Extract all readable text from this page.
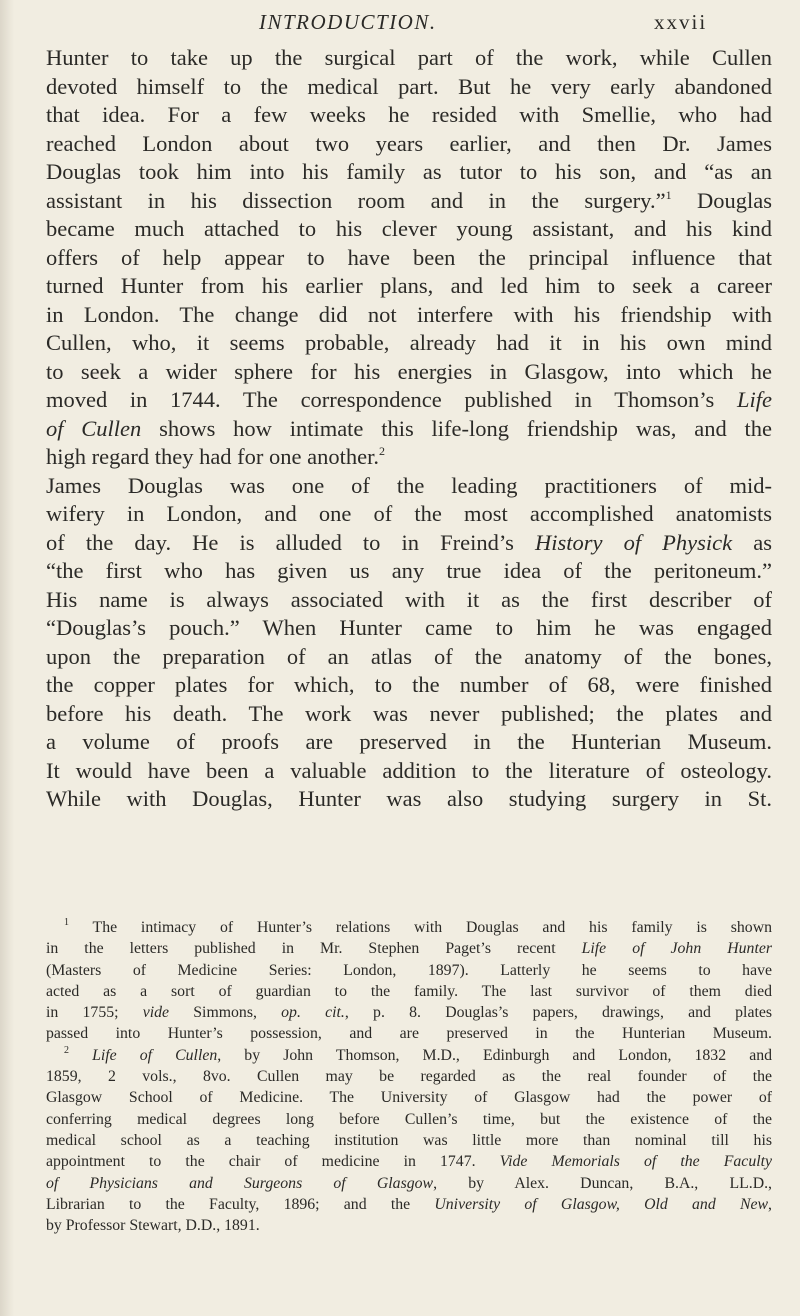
INTRODUCTION.	xxvii
Hunter to take up the surgical part of the work, while Cullen
devoted himself to the medical part. But he very early abandoned
that idea. For a few weeks he resided with Smellie, who had
reached London about two years earlier, and then Dr. James
Douglas took him into his family as tutor to his son, and “as an
assistant in his dissection room and in the surgery.”$^1$ Douglas
became much attached to his clever young assistant, and his kind
offers of help appear to have been the principal influence that
turned Hunter from his earlier plans, and led him to seek a career
in London. The change did not interfere with his friendship with
Cullen, who, it seems probable, already had it in his own mind
to seek a wider sphere for his energies in Glasgow, into which he
moved in 1744. The correspondence published in Thomson’s Life
of Cullen shows how intimate this life-long friendship was, and the
high regard they had for one another.$^2$
James Douglas was one of the leading practitioners of mid-
wifery in London, and one of the most accomplished anatomists
of the day. He is alluded to in Freind’s History of Physick as
“the first who has given us any true idea of the peritoneum.”
His name is always associated with it as the first describer of
“Douglas’s pouch.” When Hunter came to him he was engaged
upon the preparation of an atlas of the anatomy of the bones,
the copper plates for which, to the number of 68, were finished
before his death. The work was never published; the plates and
a volume of proofs are preserved in the Hunterian Museum.
It would have been a valuable addition to the literature of osteology.
While with Douglas, Hunter was also studying surgery in St.
$^1$ The intimacy of Hunter’s relations with Douglas and his family is shown
in the letters published in Mr. Stephen Paget’s recent Life of John Hunter
(Masters of Medicine Series: London, 1897). Latterly he seems to have
acted as a sort of guardian to the family. The last survivor of them died
in 1755; vide Simmons, op. cit., p. 8. Douglas’s papers, drawings, and plates
passed into Hunter’s possession, and are preserved in the Hunterian Museum.
$^2$ Life of Cullen, by John Thomson, M.D., Edinburgh and London, 1832 and
1859, 2 vols., 8vo. Cullen may be regarded as the real founder of the
Glasgow School of Medicine. The University of Glasgow had the power of
conferring medical degrees long before Cullen’s time, but the existence of the
medical school as a teaching institution was little more than nominal till his
appointment to the chair of medicine in 1747. Vide Memorials of the Faculty
of Physicians and Surgeons of Glasgow, by Alex. Duncan, B.A., LL.D.,
Librarian to the Faculty, 1896; and the University of Glasgow, Old and New,
by Professor Stewart, D.D., 1891.
